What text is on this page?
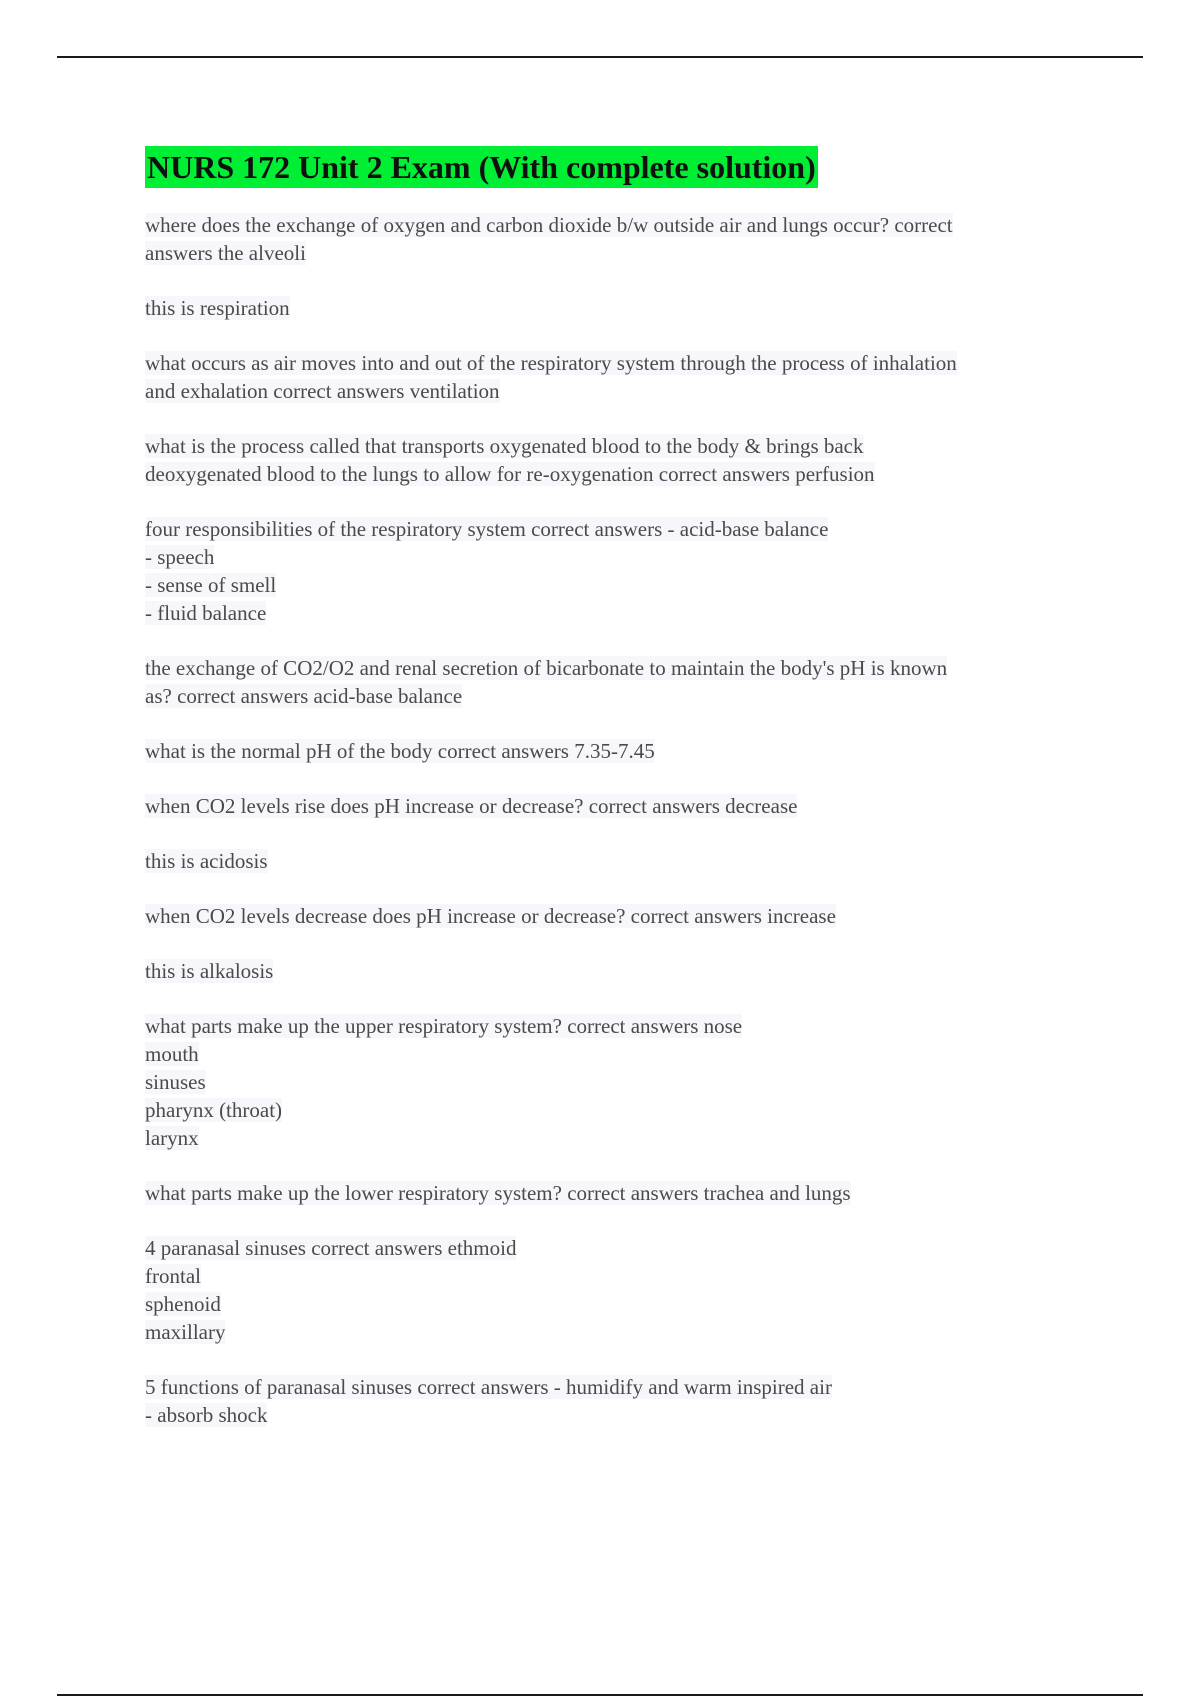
NURS 172 Unit 2 Exam (With complete solution)
where does the exchange of oxygen and carbon dioxide b/w outside air and lungs occur? correct
answers the alveoli
this is respiration
what occurs as air moves into and out of the respiratory system through the process of inhalation
and exhalation correct answers ventilation
what is the process called that transports oxygenated blood to the body & brings back
deoxygenated blood to the lungs to allow for re-oxygenation correct answers perfusion
four responsibilities of the respiratory system correct answers - acid-base balance
- speech
- sense of smell
- fluid balance
the exchange of CO2/O2 and renal secretion of bicarbonate to maintain the body's pH is known
as? correct answers acid-base balance
what is the normal pH of the body correct answers 7.35-7.45
when CO2 levels rise does pH increase or decrease? correct answers decrease
this is acidosis
when CO2 levels decrease does pH increase or decrease? correct answers increase
this is alkalosis
what parts make up the upper respiratory system? correct answers nose
mouth
sinuses
pharynx (throat)
larynx
what parts make up the lower respiratory system? correct answers trachea and lungs
4 paranasal sinuses correct answers ethmoid
frontal
sphenoid
maxillary
5 functions of paranasal sinuses correct answers - humidify and warm inspired air
- absorb shock
